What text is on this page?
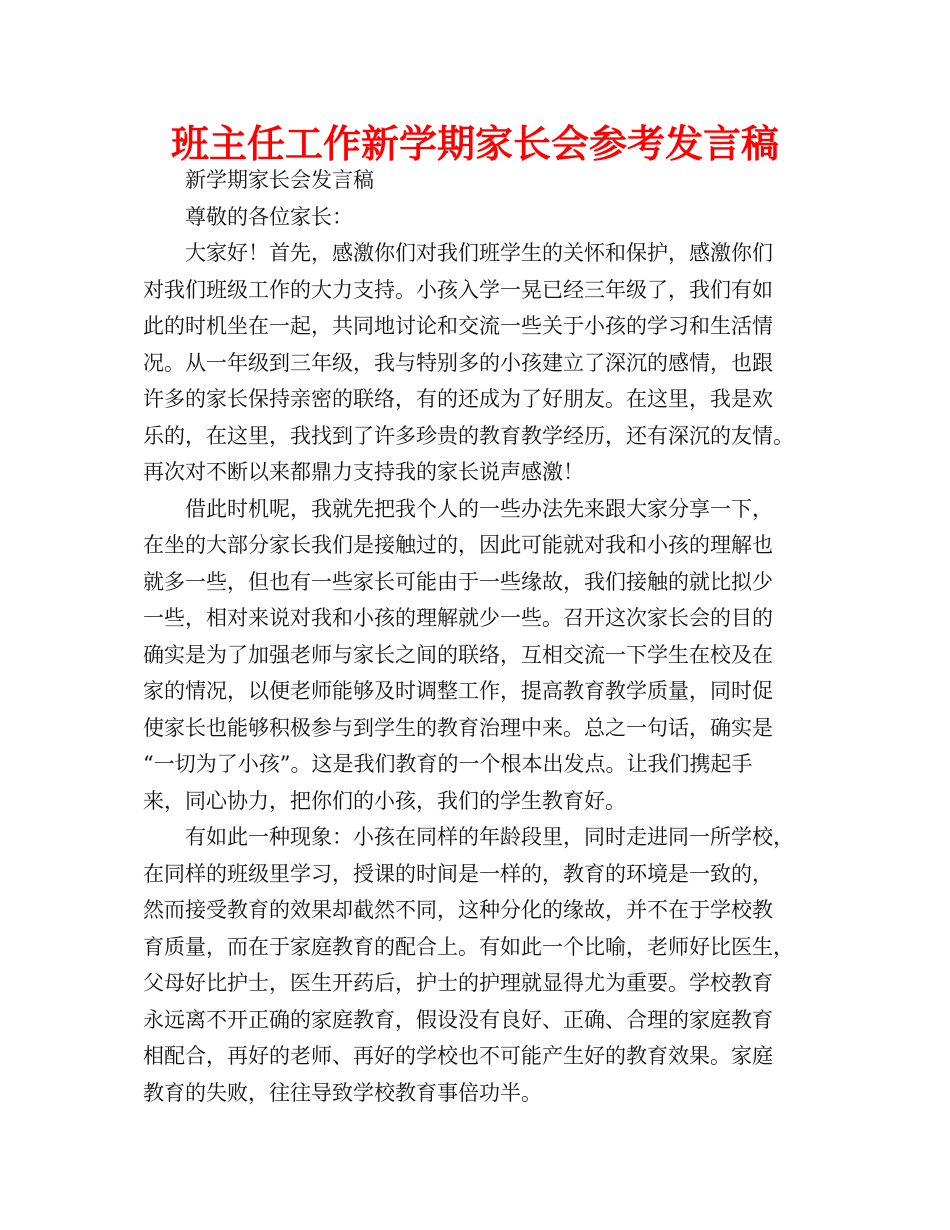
班主任工作新学期家长会参考发言稿
新学期家长会发言稿
尊敬的各位家长：
大家好！首先，感激你们对我们班学生的关怀和保护，感激你们
对我们班级工作的大力支持。小孩入学一晃已经三年级了，我们有如
此的时机坐在一起，共同地讨论和交流一些关于小孩的学习和生活情
况。从一年级到三年级，我与特别多的小孩建立了深沉的感情，也跟
许多的家长保持亲密的联络，有的还成为了好朋友。在这里，我是欢
乐的，在这里，我找到了许多珍贵的教育教学经历，还有深沉的友情。
再次对不断以来都鼎力支持我的家长说声感激！
借此时机呢，我就先把我个人的一些办法先来跟大家分享一下，
在坐的大部分家长我们是接触过的，因此可能就对我和小孩的理解也
就多一些，但也有一些家长可能由于一些缘故，我们接触的就比拟少
一些，相对来说对我和小孩的理解就少一些。召开这次家长会的目的
确实是为了加强老师与家长之间的联络，互相交流一下学生在校及在
家的情况，以便老师能够及时调整工作，提高教育教学质量，同时促
使家长也能够积极参与到学生的教育治理中来。总之一句话，确实是
“一切为了小孩”。这是我们教育的一个根本出发点。让我们携起手
来，同心协力，把你们的小孩，我们的学生教育好。
有如此一种现象：小孩在同样的年龄段里，同时走进同一所学校，
在同样的班级里学习，授课的时间是一样的，教育的环境是一致的，
然而接受教育的效果却截然不同，这种分化的缘故，并不在于学校教
育质量，而在于家庭教育的配合上。有如此一个比喻，老师好比医生，
父母好比护士，医生开药后，护士的护理就显得尤为重要。学校教育
永远离不开正确的家庭教育，假设没有良好、正确、合理的家庭教育
相配合，再好的老师、再好的学校也不可能产生好的教育效果。家庭
教育的失败，往往导致学校教育事倍功半。
